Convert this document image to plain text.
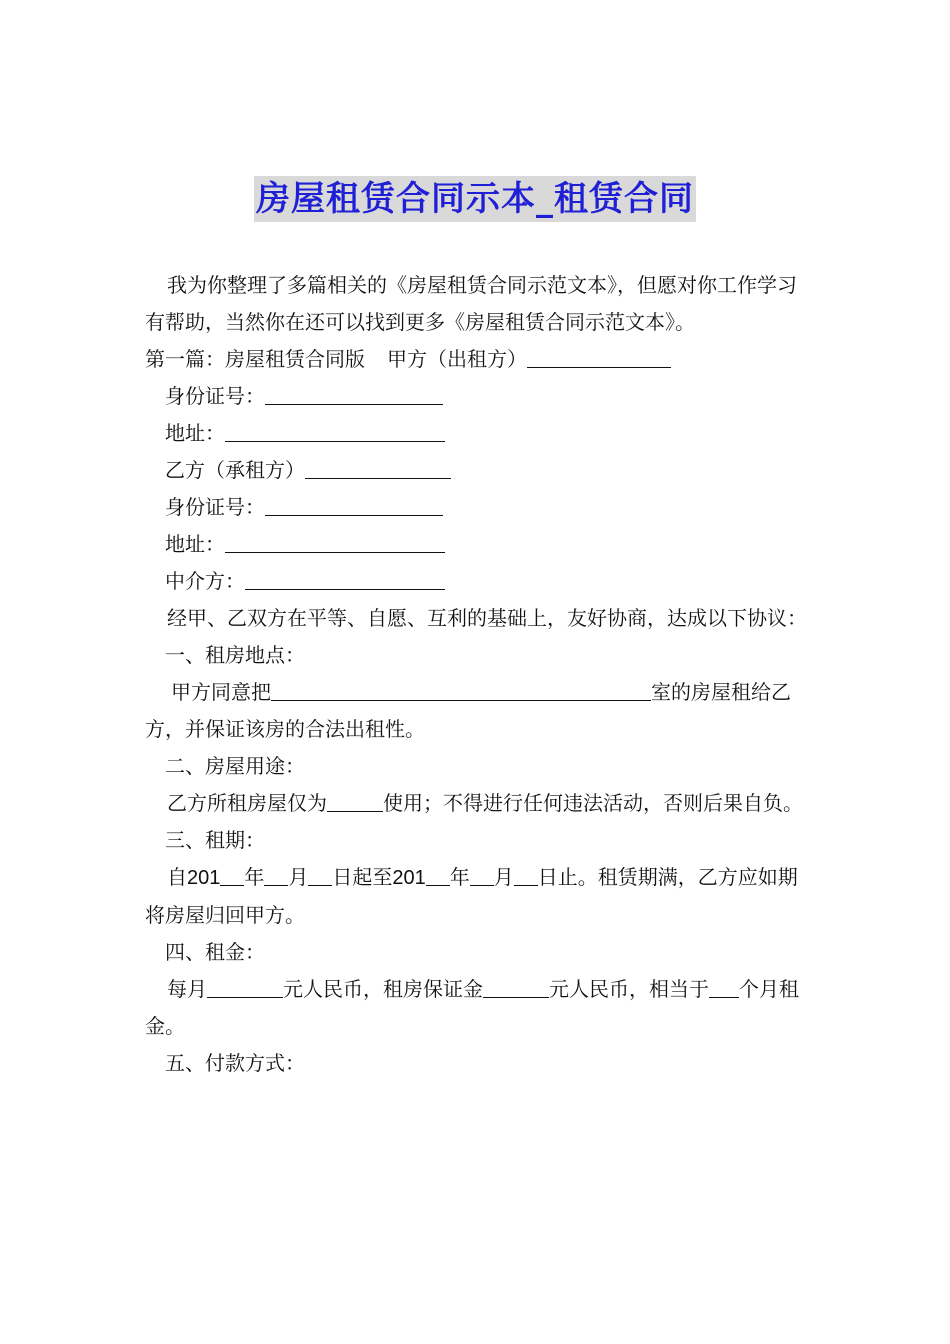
房屋租赁合同示本_租赁合同

我为你整理了多篇相关的《房屋租赁合同示范文本》，但愿对你工作学习有帮助，当然你在还可以找到更多《房屋租赁合同示范文本》。

第一篇：房屋租赁合同版 甲方（出租方）

身份证号：

地址：

乙方（承租方）

身份证号：

地址：

中介方：

经甲、乙双方在平等、自愿、互利的基础上，友好协商，达成以下协议：

一、租房地点：

甲方同意把	室的房屋租给乙方，并保证该房的合法出租性。

二、房屋用途：

乙方所租房屋仅为	使用；不得进行任何违法活动，否则后果自负。

三、租期：

自201 年 月 日起至201 年 月 日止。租赁期满，乙方应如期将房屋归回甲方。

四、租金：

每月	元人民币，租房保证金	元人民币，相当于 个月租金。

五、付款方式：
